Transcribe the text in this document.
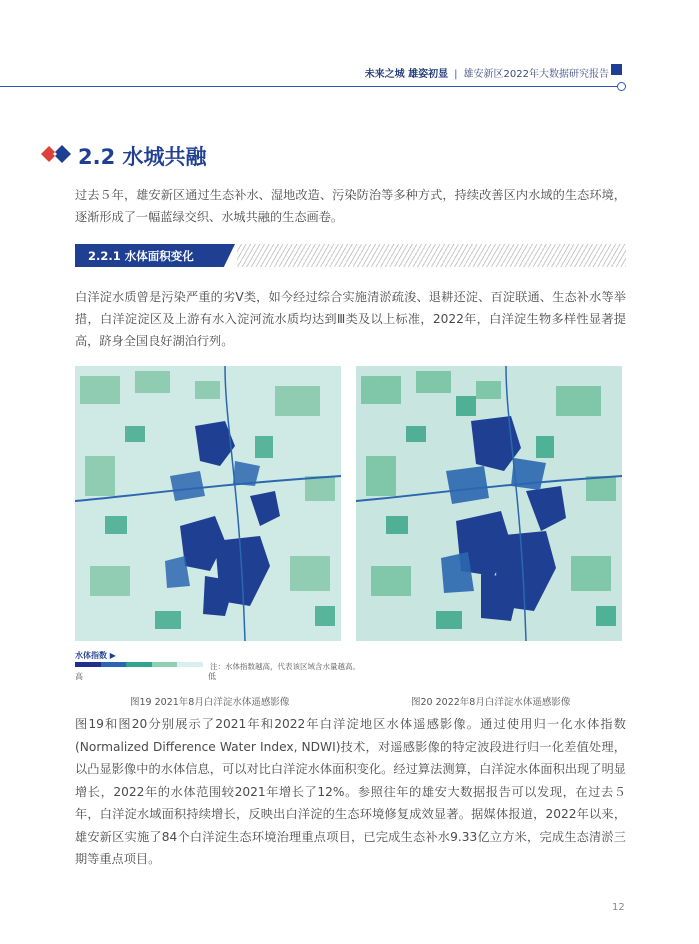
未来之城 雄姿初显 | 雄安新区2022年大数据研究报告
2.2 水城共融
过去５年，雄安新区通过生态补水、湿地改造、污染防治等多种方式，持续改善区内水域的生态环境，逐渐形成了一幅蓝绿交织、水城共融的生态画卷。
2.2.1 水体面积变化
白洋淀水质曾是污染严重的劣Ⅴ类，如今经过综合实施清淤疏浚、退耕还淀、百淀联通、生态补水等举措，白洋淀淀区及上游有水入淀河流水质均达到Ⅲ类及以上标准，2022年，白洋淀生物多样性显著提高，跻身全国良好湖泊行列。
水体指数 ▶
高	低
注：水体指数越高，代表该区域含水量越高。
图19 2021年8月白洋淀水体遥感影像	图20 2022年8月白洋淀水体遥感影像
图19和图20分别展示了2021年和2022年白洋淀地区水体遥感影像。通过使用归一化水体指数(Normalized Difference Water Index, NDWI)技术，对遥感影像的特定波段进行归一化差值处理，以凸显影像中的水体信息，可以对比白洋淀水体面积变化。经过算法测算，白洋淀水体面积出现了明显增长，2022年的水体范围较2021年增长了12%。参照往年的雄安大数据报告可以发现，在过去５年，白洋淀水域面积持续增长，反映出白洋淀的生态环境修复成效显著。据媒体报道，2022年以来，雄安新区实施了84个白洋淀生态环境治理重点项目，已完成生态补水9.33亿立方米，完成生态清淤三期等重点项目。
12
